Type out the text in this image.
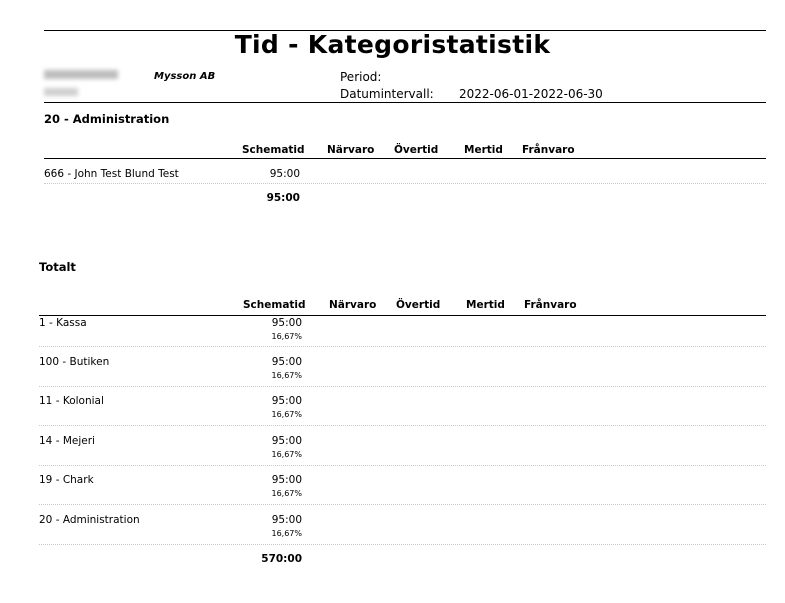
Tid - Kategoristatistik
Mysson AB	Period:
Datumintervall: 2022-06-01-2022-06-30
20 - Administration
Schematid Närvaro Övertid Mertid Frånvaro
666 - John Test Blund Test	95:00
95:00
Totalt
Schematid Närvaro Övertid Mertid Frånvaro
1 - Kassa	95:00
16,67%
100 - Butiken	95:00
16,67%
11 - Kolonial	95:00
16,67%
14 - Mejeri	95:00
16,67%
19 - Chark	95:00
16,67%
20 - Administration	95:00
16,67%
570:00
